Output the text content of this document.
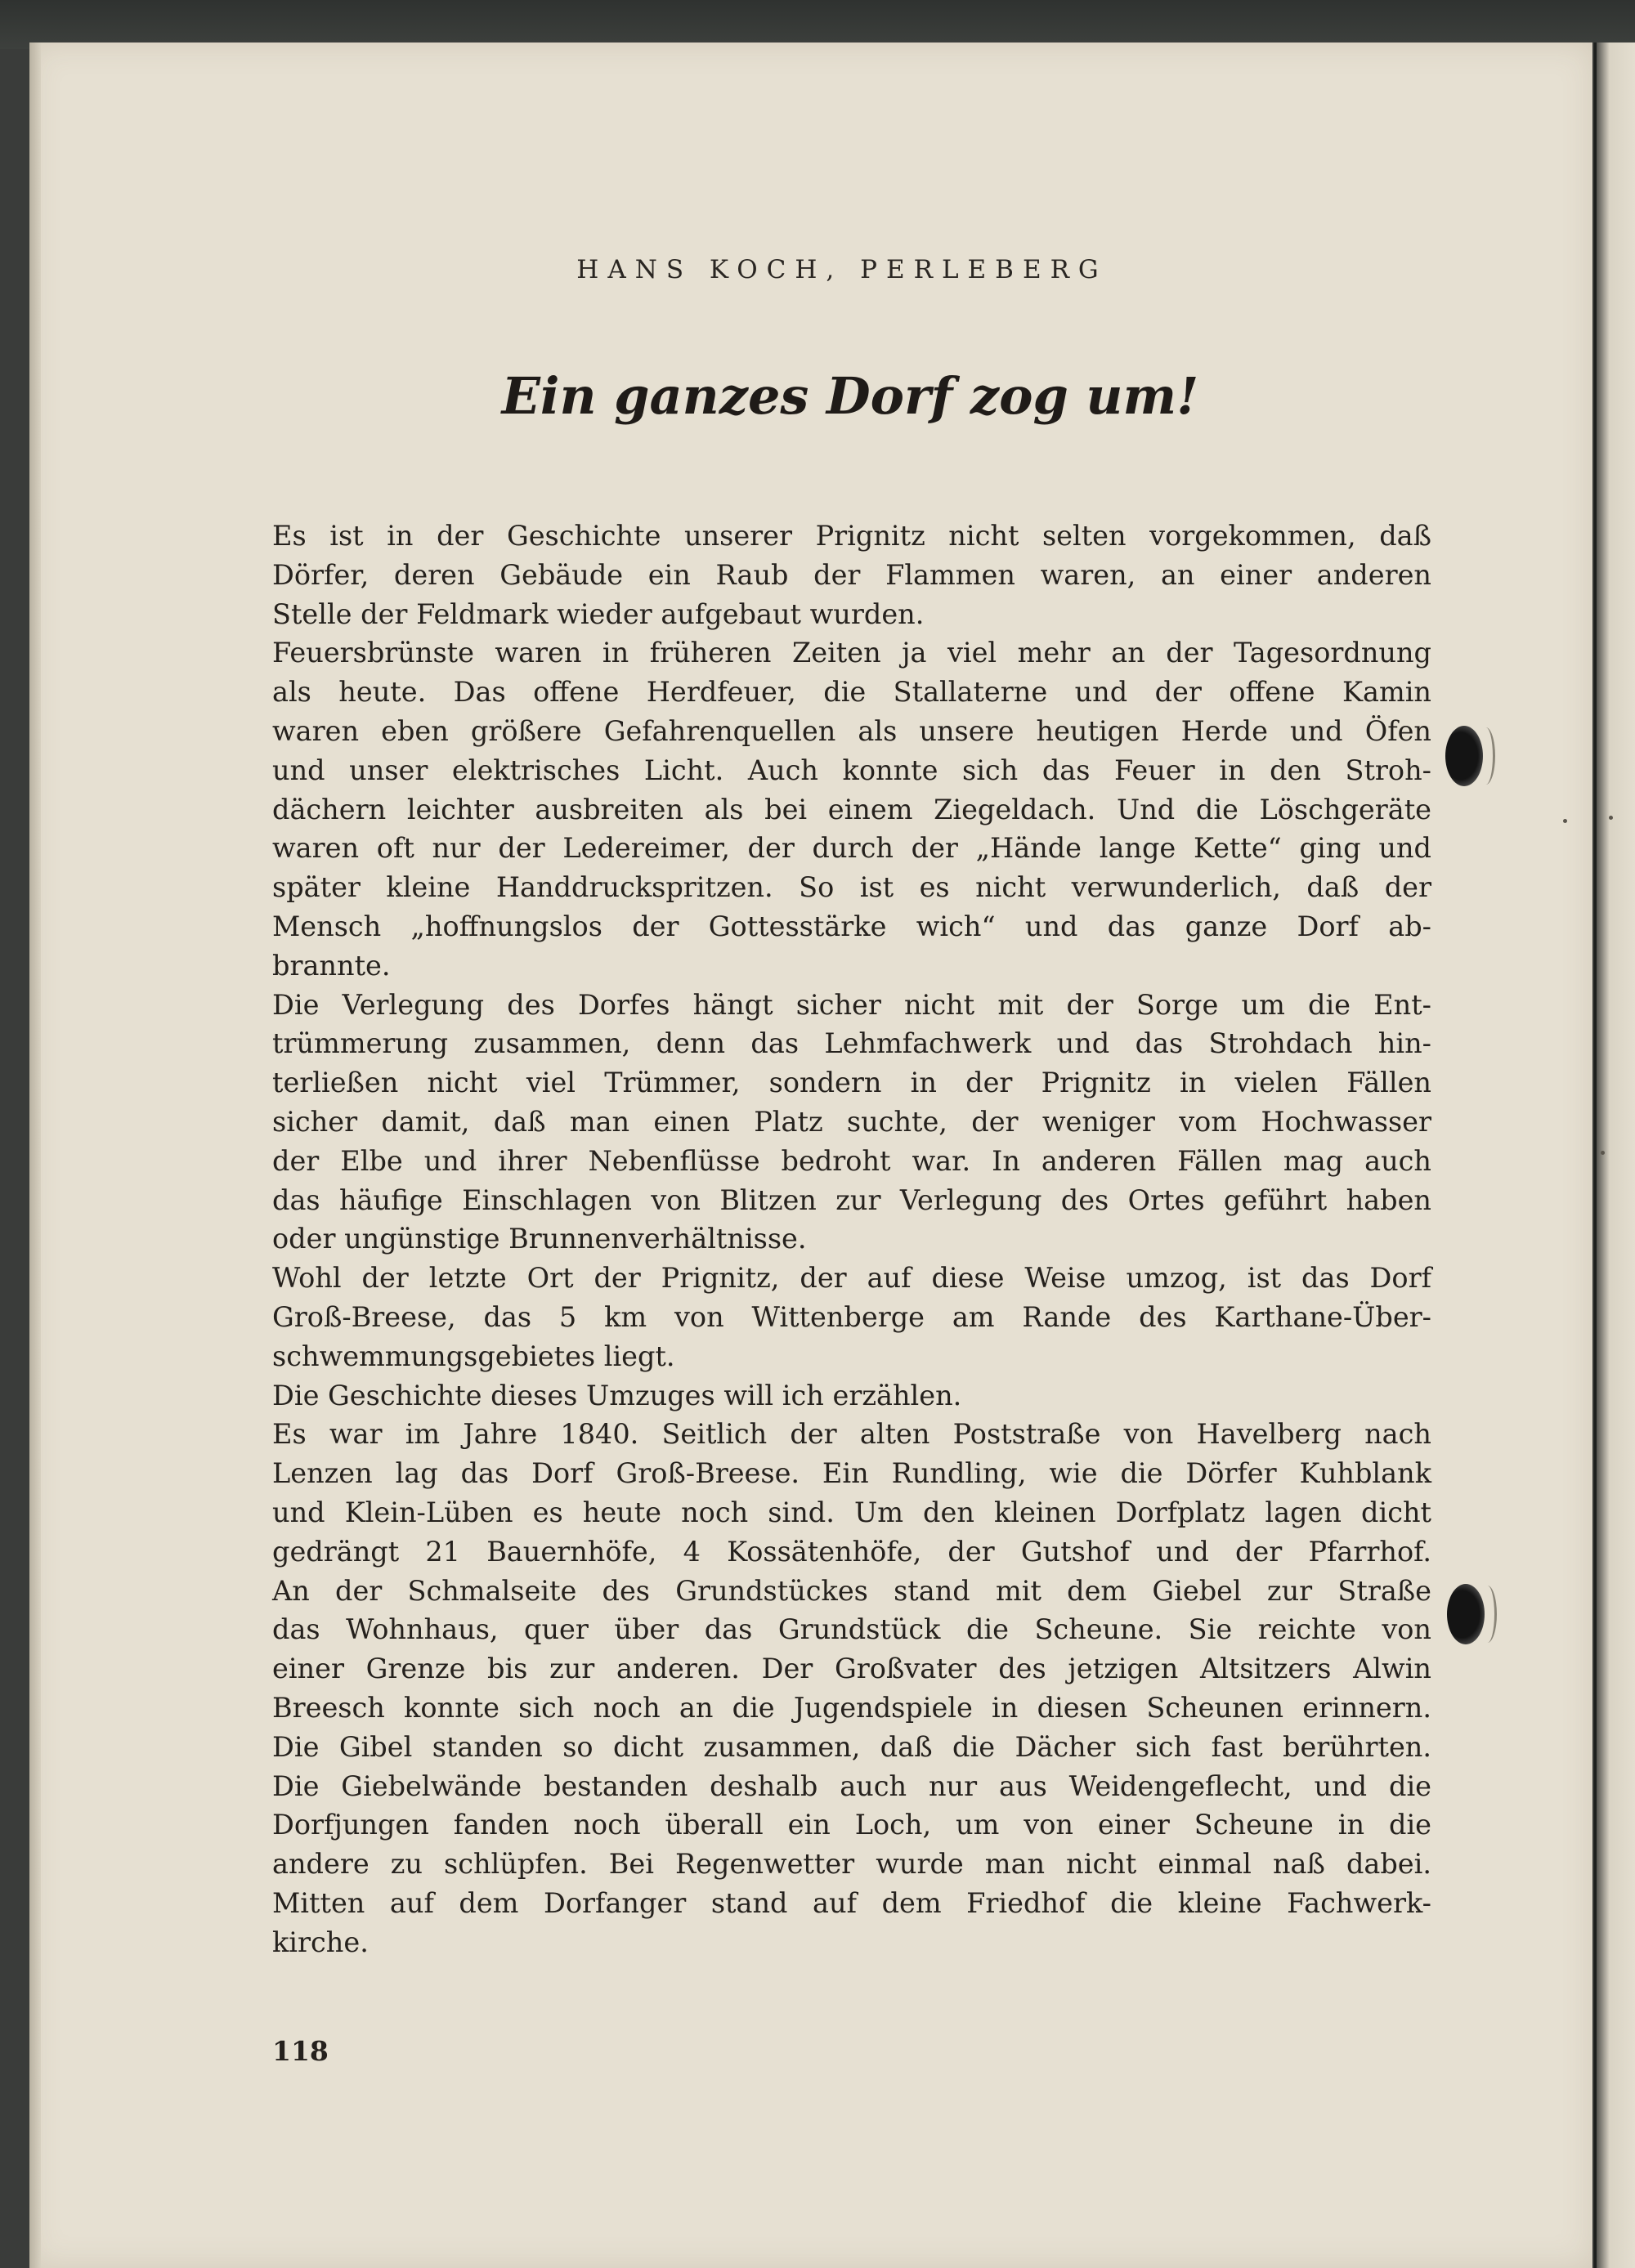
HANS KOCH, PERLEBERG
Ein ganzes Dorf zog um!
Es ist in der Geschichte unserer Prignitz nicht selten vorgekommen, daß
Dörfer, deren Gebäude ein Raub der Flammen waren, an einer anderen
Stelle der Feldmark wieder aufgebaut wurden.
Feuersbrünste waren in früheren Zeiten ja viel mehr an der Tagesordnung
als heute. Das offene Herdfeuer, die Stallaterne und der offene Kamin
waren eben größere Gefahrenquellen als unsere heutigen Herde und Öfen
und unser elektrisches Licht. Auch konnte sich das Feuer in den Stroh-
dächern leichter ausbreiten als bei einem Ziegeldach. Und die Löschgeräte
waren oft nur der Ledereimer, der durch der „Hände lange Kette“ ging und
später kleine Handdruckspritzen. So ist es nicht verwunderlich, daß der
Mensch „hoffnungslos der Gottesstärke wich“ und das ganze Dorf ab-
brannte.
Die Verlegung des Dorfes hängt sicher nicht mit der Sorge um die Ent-
trümmerung zusammen, denn das Lehmfachwerk und das Strohdach hin-
terließen nicht viel Trümmer, sondern in der Prignitz in vielen Fällen
sicher damit, daß man einen Platz suchte, der weniger vom Hochwasser
der Elbe und ihrer Nebenflüsse bedroht war. In anderen Fällen mag auch
das häufige Einschlagen von Blitzen zur Verlegung des Ortes geführt haben
oder ungünstige Brunnenverhältnisse.
Wohl der letzte Ort der Prignitz, der auf diese Weise umzog, ist das Dorf
Groß-Breese, das 5 km von Wittenberge am Rande des Karthane-Über-
schwemmungsgebietes liegt.
Die Geschichte dieses Umzuges will ich erzählen.
Es war im Jahre 1840. Seitlich der alten Poststraße von Havelberg nach
Lenzen lag das Dorf Groß-Breese. Ein Rundling, wie die Dörfer Kuhblank
und Klein-Lüben es heute noch sind. Um den kleinen Dorfplatz lagen dicht
gedrängt 21 Bauernhöfe, 4 Kossätenhöfe, der Gutshof und der Pfarrhof.
An der Schmalseite des Grundstückes stand mit dem Giebel zur Straße
das Wohnhaus, quer über das Grundstück die Scheune. Sie reichte von
einer Grenze bis zur anderen. Der Großvater des jetzigen Altsitzers Alwin
Breesch konnte sich noch an die Jugendspiele in diesen Scheunen erinnern.
Die Gibel standen so dicht zusammen, daß die Dächer sich fast berührten.
Die Giebelwände bestanden deshalb auch nur aus Weidengeflecht, und die
Dorfjungen fanden noch überall ein Loch, um von einer Scheune in die
andere zu schlüpfen. Bei Regenwetter wurde man nicht einmal naß dabei.
Mitten auf dem Dorfanger stand auf dem Friedhof die kleine Fachwerk-
kirche.
118
